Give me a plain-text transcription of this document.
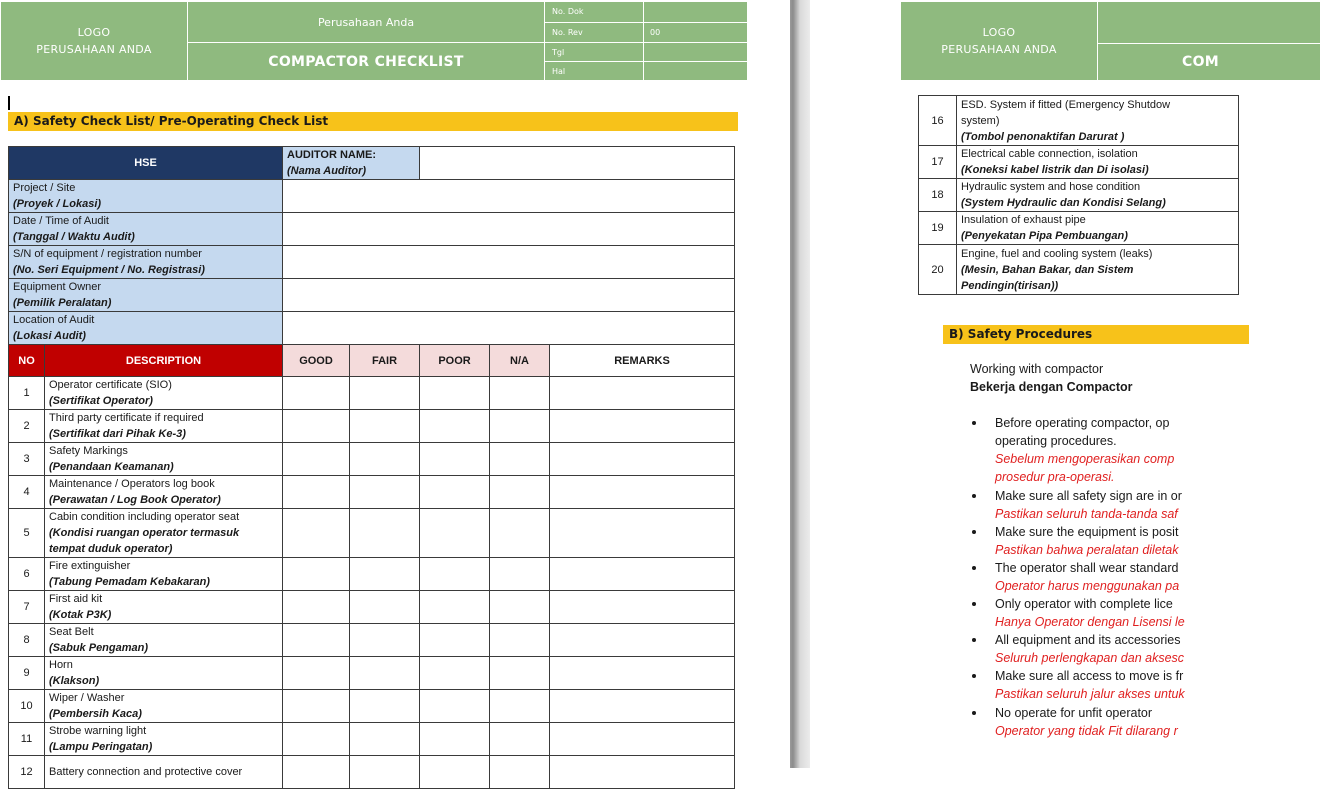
LOGO
PERUSAHAAN ANDA	Perusahaan Anda	No. Dok	
		No. Rev	00
	COMPACTOR CHECKLIST	Tgl	
		Hal	
A) Safety Check List/ Pre-Operating Check List
HSE		AUDITOR NAME:
(Nama Auditor)				
Project / Site
(Proyek / Lokasi)						
Date / Time of Audit
(Tanggal / Waktu Audit)						
S/N of equipment / registration number
(No. Seri Equipment / No. Registrasi)						
Equipment Owner
(Pemilik Peralatan)						
Location of Audit
(Lokasi Audit)						
NO	DESCRIPTION	GOOD	FAIR	POOR	N/A	REMARKS
1	Operator certificate (SIO)
(Sertifikat Operator)					
2	Third party certificate if required
(Sertifikat dari Pihak Ke-3)					
3	Safety Markings
(Penandaan Keamanan)					
4	Maintenance / Operators log book
(Perawatan / Log Book Operator)					
5	Cabin condition including operator seat
(Kondisi ruangan operator termasuk tempat duduk operator)					
6	Fire extinguisher
(Tabung Pemadam Kebakaran)					
7	First aid kit
(Kotak P3K)					
8	Seat Belt
(Sabuk Pengaman)					
9	Horn
(Klakson)					
10	Wiper / Washer
(Pembersih Kaca)					
11	Strobe warning light
(Lampu Peringatan)					
12	Battery connection and protective cover					
LOGO
PERUSAHAAN ANDA	
COM
16	ESD. System if fitted (Emergency Shutdow
system)
(Tombol penonaktifan Darurat )
17	Electrical cable connection, isolation
(Koneksi kabel listrik dan Di isolasi)
18	Hydraulic system and hose condition
(System Hydraulic dan Kondisi Selang)
19	Insulation of exhaust pipe
(Penyekatan Pipa Pembuangan)
20	Engine, fuel and cooling system (leaks)
(Mesin, Bahan Bakar, dan Sistem
Pendingin(tirisan))
B) Safety Procedures
Working with compactor
Bekerja dengan Compactor
Before operating compactor, op
operating procedures.
Sebelum mengoperasikan comp
prosedur pra-operasi.
Make sure all safety sign are in or
Pastikan seluruh tanda-tanda saf
Make sure the equipment is posit
Pastikan bahwa peralatan diletak
The operator shall wear standard
Operator harus menggunakan pa
Only operator with complete lice
Hanya Operator dengan Lisensi le
All equipment and its accessories
Seluruh perlengkapan dan aksesc
Make sure all access to move is fr
Pastikan seluruh jalur akses untuk
No operate for unfit operator
Operator yang tidak Fit dilarang r
